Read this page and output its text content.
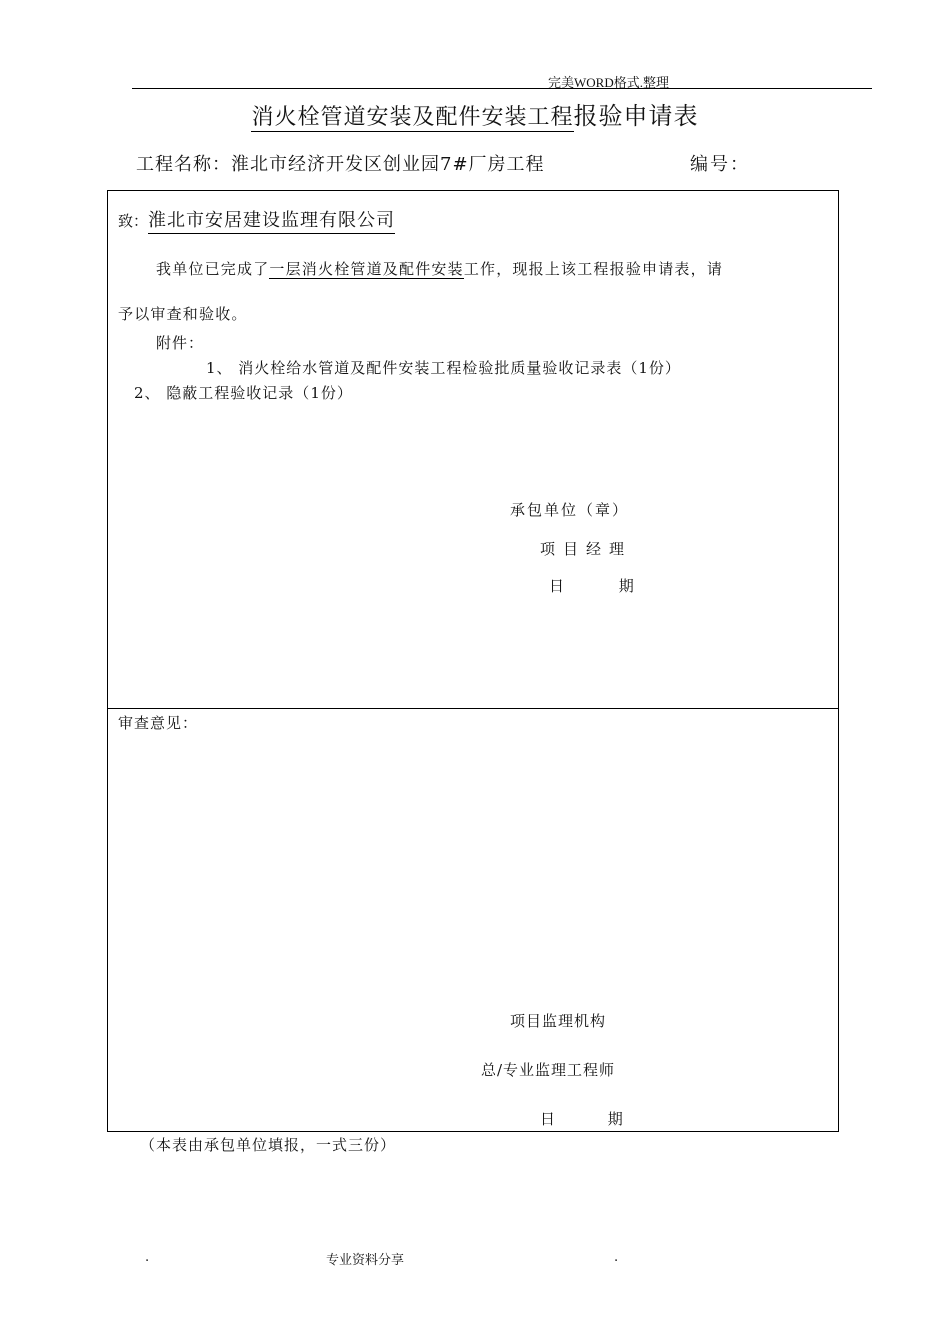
完美WORD格式.整理
消火栓管道安装及配件安装工程报验申请表
工程名称：淮北市经济开发区创业园7#厂房工程	编号：
致：淮北市安居建设监理有限公司
我单位已完成了一层消火栓管道及配件安装工作，现报上该工程报验申请表，请
予以审查和验收。
附件：
1、 消火栓给水管道及配件安装工程检验批质量验收记录表（1份）
2、 隐蔽工程验收记录（1份）
承包单位（章）
项目经理
日 期
审查意见：
项目监理机构
总/专业监理工程师
日 期
（本表由承包单位填报，一式三份）
.	专业资料分享	.
